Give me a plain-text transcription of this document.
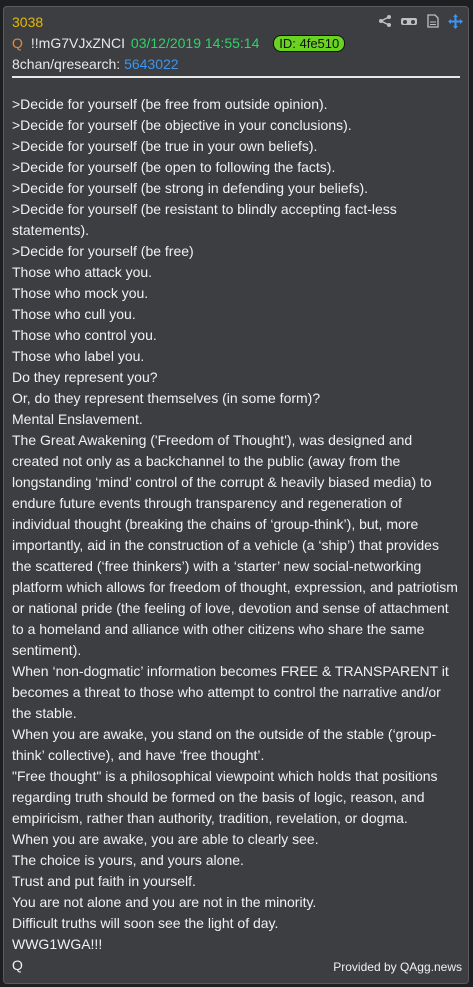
3038
Q !!mG7VJxZNCI 03/12/2019 14:55:14 ID: 4fe510
8chan/qresearch: 5643022
>Decide for yourself (be free from outside opinion).
>Decide for yourself (be objective in your conclusions).
>Decide for yourself (be true in your own beliefs).
>Decide for yourself (be open to following the facts).
>Decide for yourself (be strong in defending your beliefs).
>Decide for yourself (be resistant to blindly accepting fact-less statements).
>Decide for yourself (be free)
Those who attack you.
Those who mock you.
Those who cull you.
Those who control you.
Those who label you.
Do they represent you?
Or, do they represent themselves (in some form)?
Mental Enslavement.
The Great Awakening ('Freedom of Thought'), was designed and created not only as a backchannel to the public (away from the longstanding ‘mind’ control of the corrupt & heavily biased media) to endure future events through transparency and regeneration of individual thought (breaking the chains of ‘group-think’), but, more importantly, aid in the construction of a vehicle (a ‘ship’) that provides the scattered (‘free thinkers’) with a ‘starter’ new social-networking platform which allows for freedom of thought, expression, and patriotism or national pride (the feeling of love, devotion and sense of attachment to a homeland and alliance with other citizens who share the same sentiment).
When ‘non-dogmatic’ information becomes FREE & TRANSPARENT it becomes a threat to those who attempt to control the narrative and/or the stable.
When you are awake, you stand on the outside of the stable (‘group-think’ collective), and have ‘free thought’.
"Free thought" is a philosophical viewpoint which holds that positions regarding truth should be formed on the basis of logic, reason, and empiricism, rather than authority, tradition, revelation, or dogma.
When you are awake, you are able to clearly see.
The choice is yours, and yours alone.
Trust and put faith in yourself.
You are not alone and you are not in the minority.
Difficult truths will soon see the light of day.
WWG1WGA!!!
Q	Provided by QAgg.news
